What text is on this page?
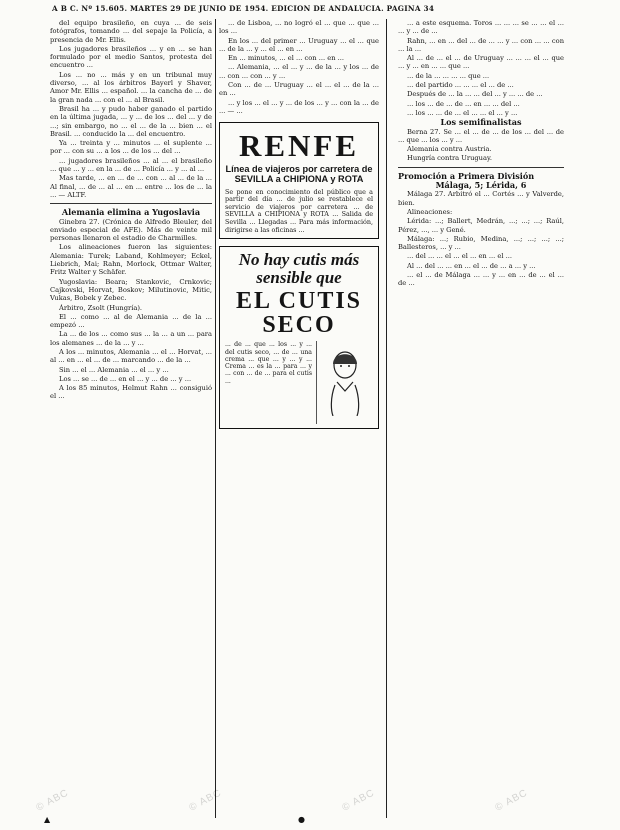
A B C. Nº 15.605. MARTES 29 DE JUNIO DE 1954. EDICION DE ANDALUCIA. PAGINA 34

del equipo brasileño, en cuya ... de seis fotógrafos, tomando ... del sepaje la Policía, a presencia de Mr. Ellis.

Los jugadores brasileños ... y en ... se han formulado por el medio Santos, protesta del encuentro ...

Los ... no ... más y en un tribunal muy diverso, ... al los árbitros Bayerl y Shaver, Amor Mr. Ellis ... español. ... la cancha de ... de la gran nada ... con el ... al Brasil.

Brasil ha ... y pudo haber ganado el partido en la última jugada, ... y ... de los ... del ... y de ...; sin embargo, no ... el ... de la ... bien ... el Brasil. ... conducido la ... del encuentro.

Ya ... treinta y ... minutos ... el suplente ... por ... con su ... a los ... de los ... del ...

... jugadores brasileños ... al ... el brasileño ... que ... y ... en la ... de ... Policía ... y ... al ...

Mas tarde, ... en ... de ... con ... al ... de la ... Al final, ... de ... al ... en ... entre ... los de ... la ... — ALTF.

Alemania elimina a Yugoslavia

Ginebra 27. (Crónica de Alfredo Bleuler, del enviado especial de AFE). Más de veinte mil personas llenaron el estadio de Charmilles.

Los alineaciones fueron las siguientes: Alemania: Turek; Laband, Kohlmeyer; Eckel, Liebrich, Mai; Rahn, Morlock, Ottmar Walter, Fritz Walter y Schäfer.

Yugoslavia: Beara; Stankovic, Crnkovic; Cajkovski, Horvat, Boskov; Milutinovic, Mitic, Vukas, Bobek y Zebec.

Árbitro, Zsolt (Hungría).

El ... como ... al de Alemania ... de la ... empezó ...

La ... de los ... como sus ... la ... a un ... para los alemanes ... de la ... y ...

A los ... minutos, Alemania ... el ... Horvat, ... al ... en ... el ... de ... marcando ... de la ...

Sin ... el ... Alemania ... el ... y ...

Los ... se ... de ... en el ... y ... de ... y ...

A los 85 minutos, Helmut Rahn ... consiguió el ...

... de Lisboa, ... no logró el ... que ... que ... los ...

En los ... del primer ... Uruguay ... el ... que ... de la ... y ... el ... en ...

En ... minutos, ... el ... con ... en ...

... Alemania, ... el ... y ... de la ... y los ... de ... con ... con ... y ...

Con ... de ... Uruguay ... el ... el ... de la ... en ...

... y los ... el ... y ... de los ... y ... con la ... de ... — ...

RENFE
Línea de viajeros por carretera de SEVILLA a CHIPIONA y ROTA
Se pone en conocimiento del público que a partir del día ... de julio se restablece el servicio de viajeros por carretera ... de SEVILLA a CHIPIONA y ROTA ... Salida de Sevilla ... Llegadas ... Para más información, dirigirse a las oficinas ...
No hay cutis más sensible que
EL CUTIS SECO
... de ... que ... los ... y ... del cutis seco, ... de ... una crema ... que ... y ... y ... Crema ... es la ... para ... y ... con ... de ... para el cutis ...

... a este esquema. Toros ... ... ... se ... ... el ... ... y ... de ...

Rahn, ... en ... del ... de ... ... y ... con ... ... con ... la ...

Al ... de ... el ... de Uruguay ... ... ... el ... que ... y ... en ... ... que ...

... de la ... ... ... ... que ...

... del partido ... ... ... el ... de ...

Después de ... la ... ... del ... y ... ... de ...

... los ... de ... de ... en ... ... del ...

... los ... ... de ... el ... ... el ... y ...

Los semifinalistas

Berna 27. Se ... el ... de ... de los ... del ... de ... que ... los ... y ...

Alemania contra Austria.

Hungría contra Uruguay.

Promoción a Primera División

Málaga, 5; Lérida, 6

Málaga 27. Arbitró el ... Cortés ... y Valverde, bien.

Alineaciones:

Lérida: ...; Ballert, Medrán, ...; ...; ...; Raúl, Pérez, ..., ... y Gené.

Málaga: ...; Rubio, Medina, ...; ...; ...; ...; Ballesteros, ... y ...

... del ... ... el ... el ... en ... el ...

Al ... del ... ... en ... el ... de ... a ... y ...

... el ... de Málaga ... ... y ... en ... de ... el ... de ...

© ABC	© ABC	© ABC	© ABC
▲	●
